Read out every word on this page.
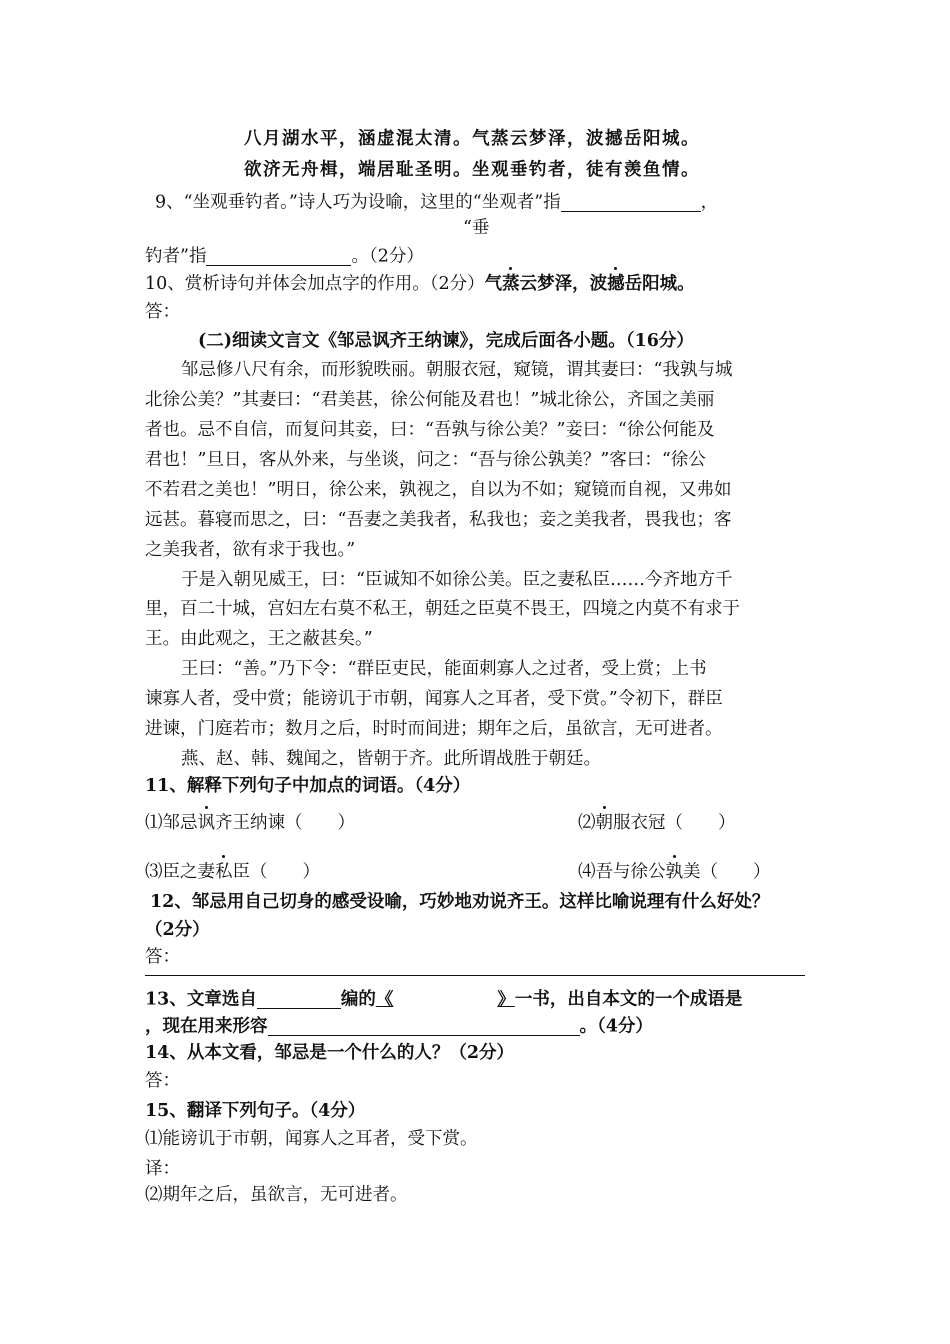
八月湖水平，涵虚混太清。气蒸云梦泽，波撼岳阳城。
欲济无舟楫，端居耻圣明。坐观垂钓者，徒有羡鱼情。
9、“坐观垂钓者。”诗人巧为设喻，这里的“坐观者”指	，
“垂
钓者”指	。（2分）
10、赏析诗句并体会加点字的作用。（2分）气蒸云梦泽，波撼岳阳城。
答：
(二)细读文言文《邹忌讽齐王纳谏》，完成后面各小题。（16分）
邹忌修八尺有余，而形貌昳丽。朝服衣冠，窥镜，谓其妻曰：“我孰与城
北徐公美？”其妻曰：“君美甚，徐公何能及君也！”城北徐公，齐国之美丽
者也。忌不自信，而复问其妾，曰：“吾孰与徐公美？”妾曰：“徐公何能及
君也！”旦日，客从外来，与坐谈，问之：“吾与徐公孰美？”客曰：“徐公
不若君之美也！”明日，徐公来，孰视之，自以为不如；窥镜而自视，又弗如
远甚。暮寝而思之，曰：“吾妻之美我者，私我也；妾之美我者，畏我也；客
之美我者，欲有求于我也。”
于是入朝见威王，曰：“臣诚知不如徐公美。臣之妻私臣……今齐地方千
里，百二十城，宫妇左右莫不私王，朝廷之臣莫不畏王，四境之内莫不有求于
王。由此观之，王之蔽甚矣。”
王曰：“善。”乃下令：“群臣吏民，能面刺寡人之过者，受上赏；上书
谏寡人者，受中赏；能谤讥于市朝，闻寡人之耳者，受下赏。”令初下，群臣
进谏，门庭若市；数月之后，时时而间进；期年之后，虽欲言，无可进者。
燕、赵、韩、魏闻之，皆朝于齐。此所谓战胜于朝廷。
11、解释下列句子中加点的词语。（4分）
⑴邹忌讽齐王纳谏（　　）	⑵朝服衣冠（　　）
⑶臣之妻私臣（　　）	⑷吾与徐公孰美（　　）
12、邹忌用自己切身的感受设喻，巧妙地劝说齐王。这样比喻说理有什么好处？
（2分）
答：
13、文章选自	编的《	》一书，出自本文的一个成语是
，现在用来形容	。（4分）
14、从本文看，邹忌是一个什么的人？（2分）
答：
15、翻译下列句子。（4分）
⑴能谤讥于市朝，闻寡人之耳者，受下赏。
译：
⑵期年之后，虽欲言，无可进者。
